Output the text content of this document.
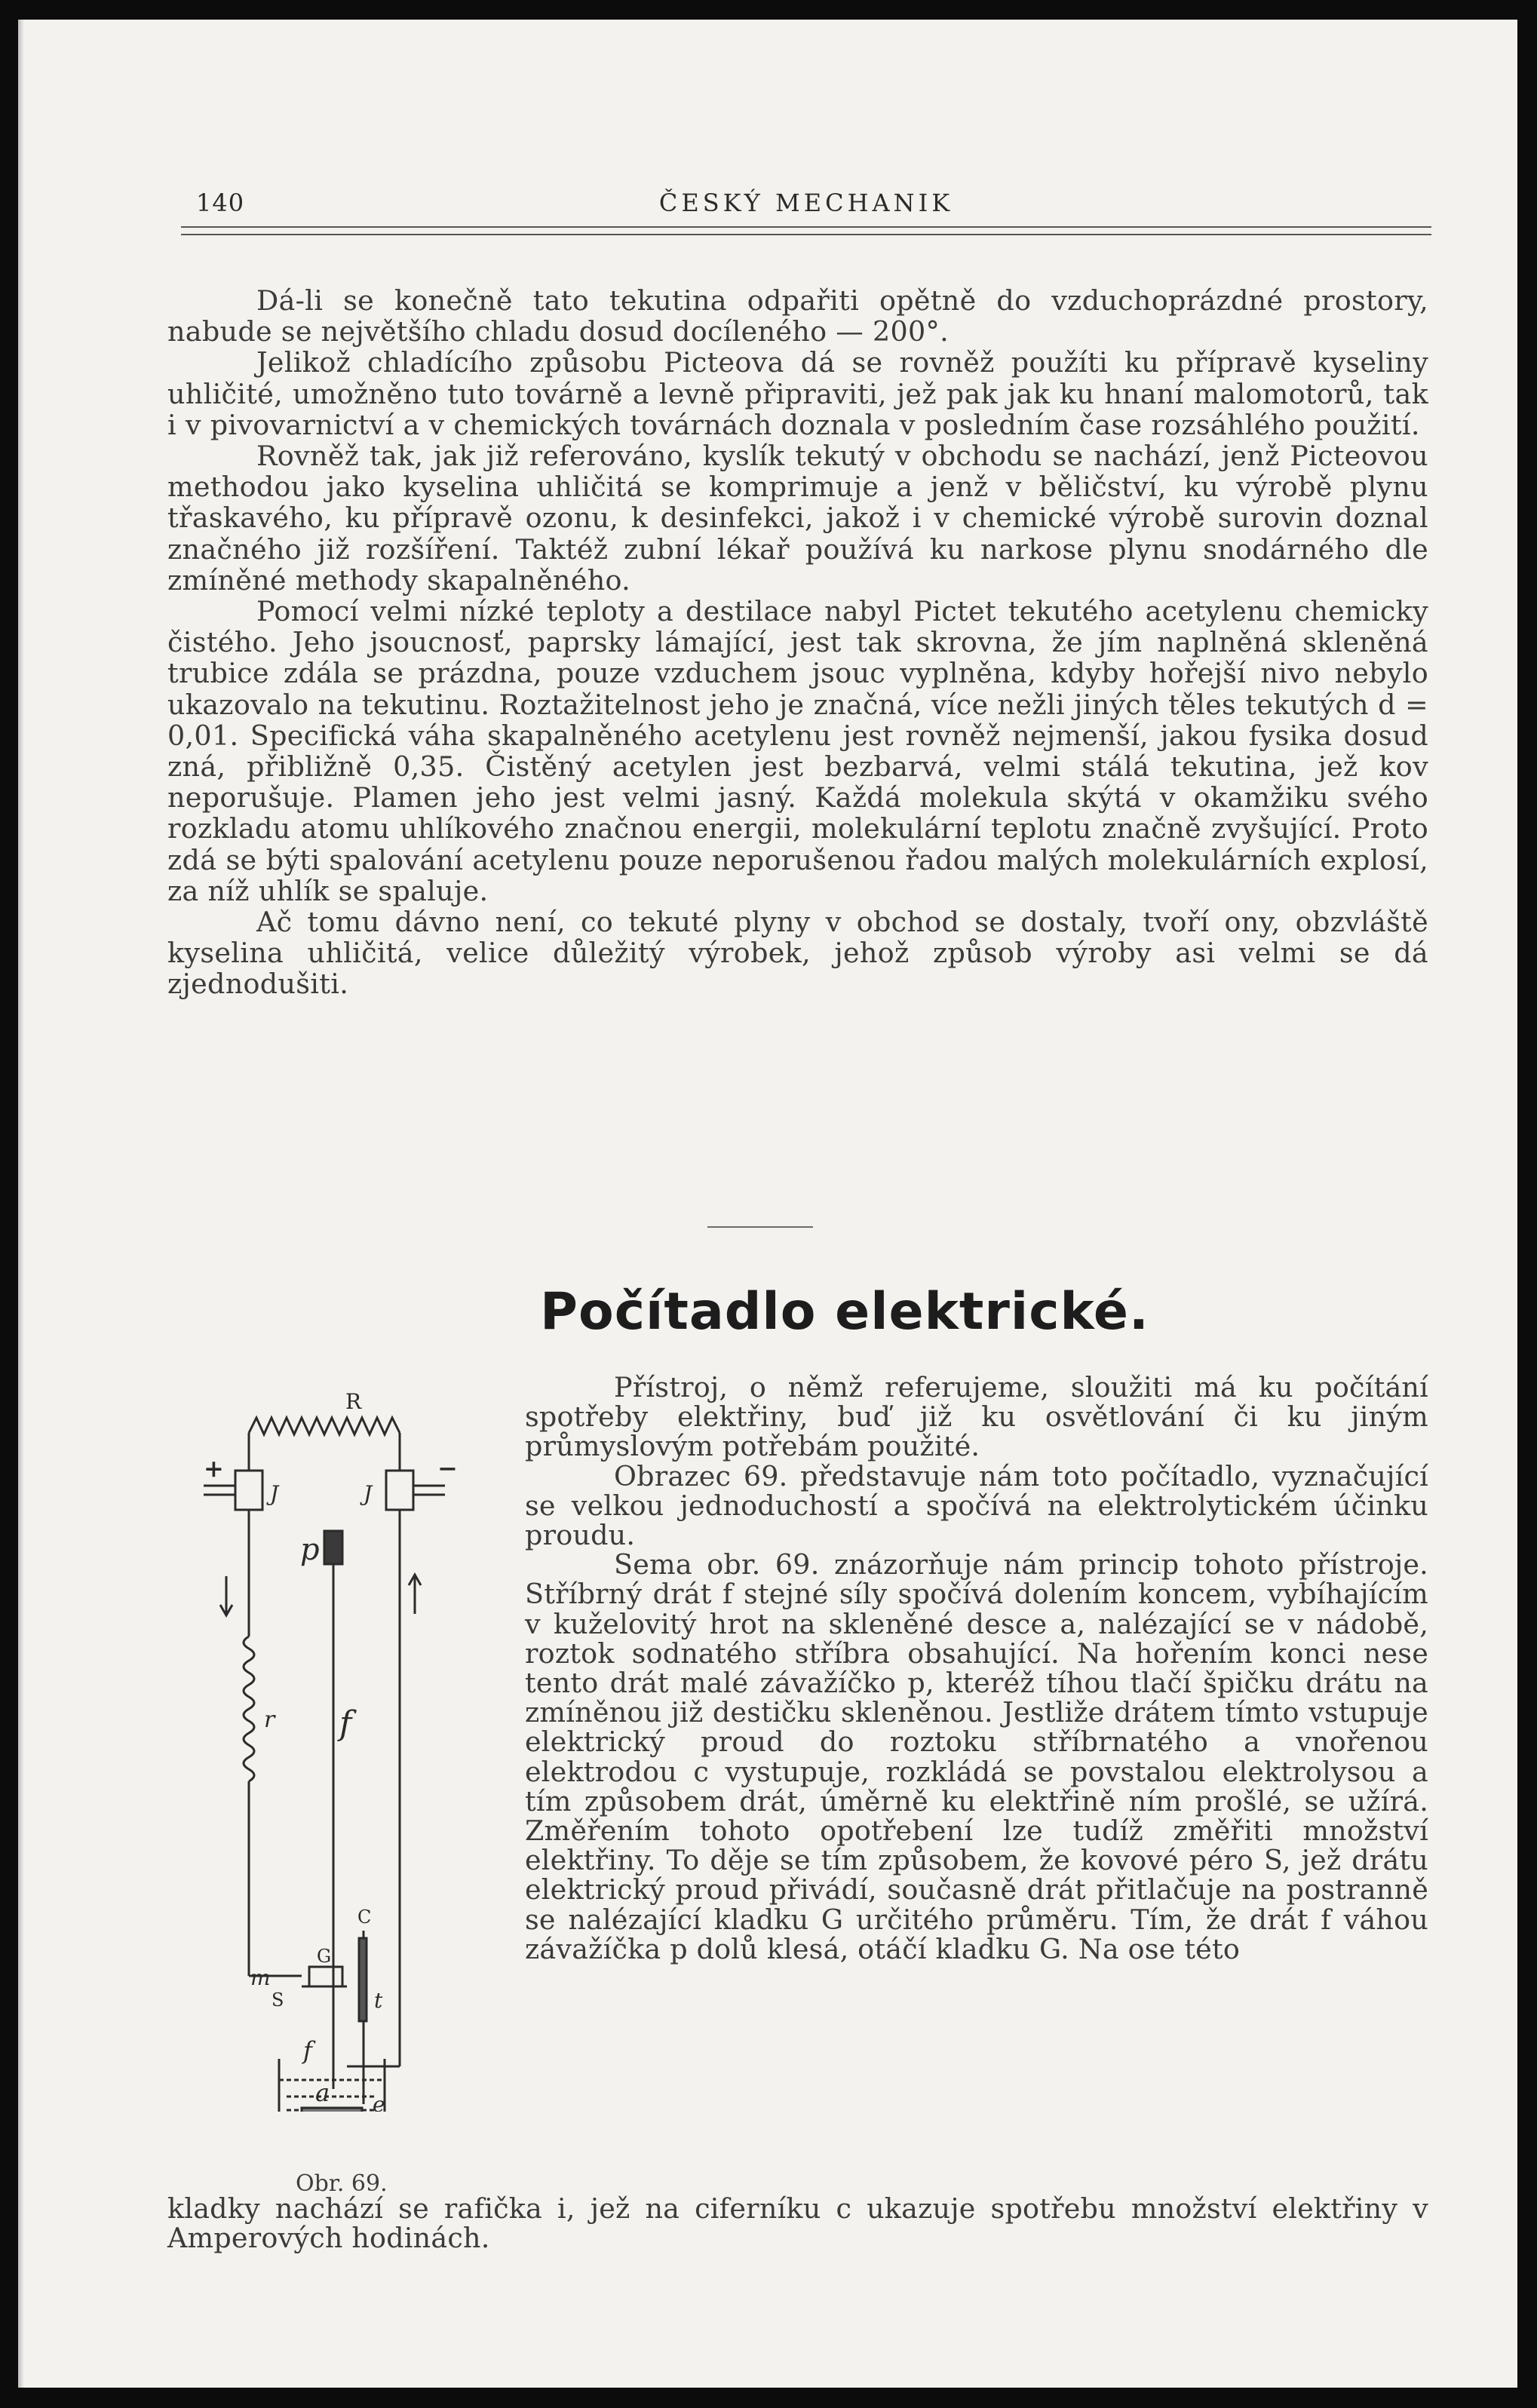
140	ČESKÝ MECHANIK

Dá-li se konečně tato tekutina odpařiti opětně do vzduchoprázdné prostory, nabude se největšího chladu dosud docíleného — 200°.

Jelikož chladícího způsobu Picteova dá se rovněž použíti ku přípravě kyseliny uhličité, umožněno tuto továrně a levně připraviti, jež pak jak ku hnaní malomotorů, tak i v pivovarnictví a v chemických továrnách doznala v posledním čase rozsáhlého použití.

Rovněž tak, jak již referováno, kyslík tekutý v obchodu se nachází, jenž Picteovou methodou jako kyselina uhličitá se komprimuje a jenž v běličství, ku výrobě plynu třaskavého, ku přípravě ozonu, k desinfekci, jakož i v chemické výrobě surovin doznal značného již rozšíření. Taktéž zubní lékař používá ku narkose plynu snodárného dle zmíněné methody skapalněného.

Pomocí velmi nízké teploty a destilace nabyl Pictet tekutého acetylenu chemicky čistého. Jeho jsoucnosť, paprsky lámající, jest tak skrovna, že jím naplněná skleněná trubice zdála se prázdna, pouze vzduchem jsouc vyplněna, kdyby hořejší nivo nebylo ukazovalo na tekutinu. Roztažitelnost jeho je značná, více nežli jiných těles tekutých d = 0,01. Specifická váha skapalněného acetylenu jest rovněž nejmenší, jakou fysika dosud zná, přibližně 0,35. Čistěný acetylen jest bezbarvá, velmi stálá tekutina, jež kov neporušuje. Plamen jeho jest velmi jasný. Každá molekula skýtá v okamžiku svého rozkladu atomu uhlíkového značnou energii, molekulární teplotu značně zvyšující. Proto zdá se býti spalování acetylenu pouze neporušenou řadou malých molekulárních explosí, za níž uhlík se spaluje.

Ač tomu dávno není, co tekuté plyny v obchod se dostaly, tvoří ony, obzvláště kyselina uhličitá, velice důležitý výrobek, jehož způsob výroby asi velmi se dá zjednodušiti.

Počítadlo elektrické.
R
+	−
J	J
p
f
r
C
G
m
S	t
f
a e

Přístroj, o němž referujeme, sloužiti má ku počítání spotřeby elektřiny, buď již ku osvětlování či ku jiným průmyslovým potřebám použité.

Obrazec 69. představuje nám toto počítadlo, vyznačující se velkou jednoduchostí a spočívá na elektrolytickém účinku proudu.

Sema obr. 69. znázorňuje nám princip tohoto přístroje. Stříbrný drát f stejné síly spočívá dolením koncem, vybíhajícím v kuželovitý hrot na skleněné desce a, nalézající se v nádobě, roztok sodnatého stříbra obsahující. Na hořením konci nese tento drát malé závažíčko p, kteréž tíhou tlačí špičku drátu na zmíněnou již destičku skleněnou. Jestliže drátem tímto vstupuje elektrický proud do roztoku stříbrnatého a vnořenou elektrodou c vystupuje, rozkládá se povstalou elektrolysou a tím způsobem drát, úměrně ku elektřině ním prošlé, se užírá. Změřením tohoto opotřebení lze tudíž změřiti množství elektřiny. To děje se tím způsobem, že kovové péro S, jež drátu elektrický proud přivádí, současně drát přitlačuje na postranně se nalézající kladku G určitého průměru. Tím, že drát f váhou závažíčka p dolů klesá, otáčí kladku G. Na ose této

Obr. 69.
kladky nachází se rafička i, jež na ciferníku c ukazuje spotřebu množství elektřiny v Amperových hodinách.
